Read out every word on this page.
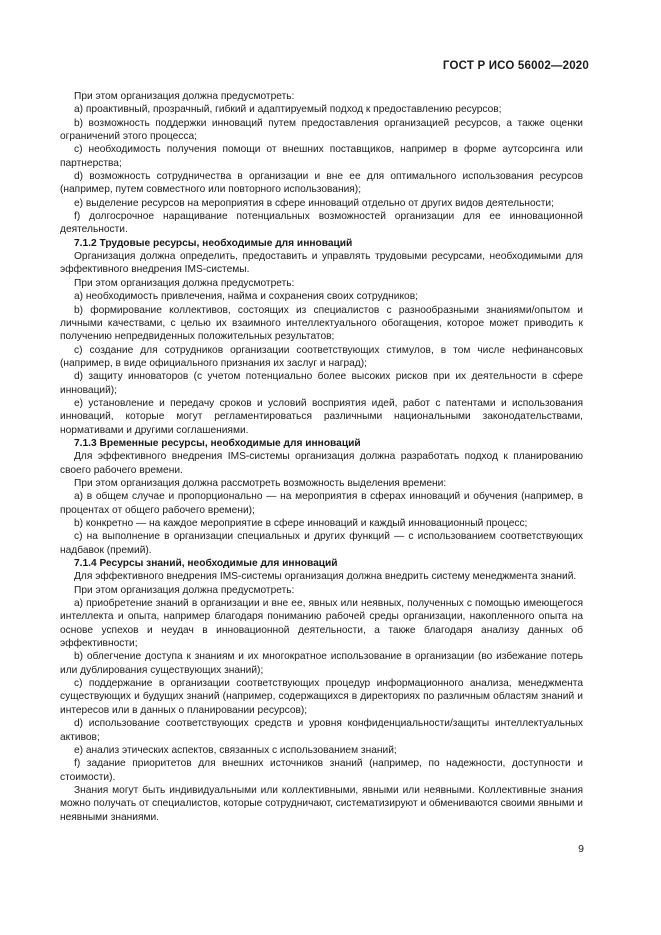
ГОСТ Р ИСО 56002—2020

При этом организация должна предусмотреть:

a) проактивный, прозрачный, гибкий и адаптируемый подход к предоставлению ресурсов;

b) возможность поддержки инноваций путем предоставления организацией ресурсов, а также оценки ограничений этого процесса;

c) необходимость получения помощи от внешних поставщиков, например в форме аутсорсинга или партнерства;

d) возможность сотрудничества в организации и вне ее для оптимального использования ресурсов (например, путем совместного или повторного использования);

e) выделение ресурсов на мероприятия в сфере инноваций отдельно от других видов деятельности;

f) долгосрочное наращивание потенциальных возможностей организации для ее инновационной деятельности.

7.1.2 Трудовые ресурсы, необходимые для инноваций

Организация должна определить, предоставить и управлять трудовыми ресурсами, необходимыми для эффективного внедрения IMS-системы.

При этом организация должна предусмотреть:

a) необходимость привлечения, найма и сохранения своих сотрудников;

b) формирование коллективов, состоящих из специалистов с разнообразными знаниями/опытом и личными качествами, с целью их взаимного интеллектуального обогащения, которое может приводить к получению непредвиденных положительных результатов;

c) создание для сотрудников организации соответствующих стимулов, в том числе нефинансовых (например, в виде официального признания их заслуг и наград);

d) защиту инноваторов (с учетом потенциально более высоких рисков при их деятельности в сфере инноваций);

e) установление и передачу сроков и условий восприятия идей, работ с патентами и использования инноваций, которые могут регламентироваться различными национальными законодательствами, нормативами и другими соглашениями.

7.1.3 Временные ресурсы, необходимые для инноваций

Для эффективного внедрения IMS-системы организация должна разработать подход к планированию своего рабочего времени.

При этом организация должна рассмотреть возможность выделения времени:

a) в общем случае и пропорционально — на мероприятия в сферах инноваций и обучения (например, в процентах от общего рабочего времени);

b) конкретно — на каждое мероприятие в сфере инноваций и каждый инновационный процесс;

c) на выполнение в организации специальных и других функций — с использованием соответствующих надбавок (премий).

7.1.4 Ресурсы знаний, необходимые для инноваций

Для эффективного внедрения IMS-системы организация должна внедрить систему менеджмента знаний.

При этом организация должна предусмотреть:

a) приобретение знаний в организации и вне ее, явных или неявных, полученных с помощью имеющегося интеллекта и опыта, например благодаря пониманию рабочей среды организации, накопленного опыта на основе успехов и неудач в инновационной деятельности, а также благодаря анализу данных об эффективности;

b) облегчение доступа к знаниям и их многократное использование в организации (во избежание потерь или дублирования существующих знаний);

c) поддержание в организации соответствующих процедур информационного анализа, менеджмента существующих и будущих знаний (например, содержащихся в директориях по различным областям знаний и интересов или в данных о планировании ресурсов);

d) использование соответствующих средств и уровня конфиденциальности/защиты интеллектуальных активов;

e) анализ этических аспектов, связанных с использованием знаний;

f) задание приоритетов для внешних источников знаний (например, по надежности, доступности и стоимости).

Знания могут быть индивидуальными или коллективными, явными или неявными. Коллективные знания можно получать от специалистов, которые сотрудничают, систематизируют и обмениваются своими явными и неявными знаниями.

9
